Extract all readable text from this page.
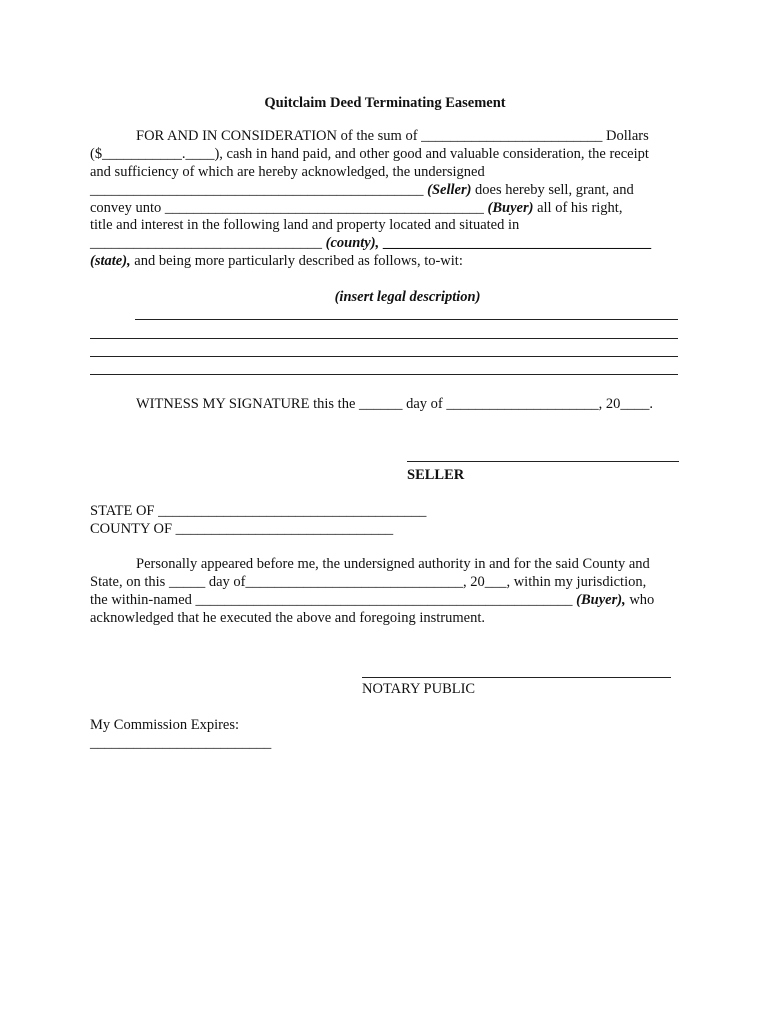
Quitclaim Deed Terminating Easement
FOR AND IN CONSIDERATION of the sum of _________________________ Dollars
($___________.____), cash in hand paid, and other good and valuable consideration, the receipt
and sufficiency of which are hereby acknowledged, the undersigned
______________________________________________ (Seller) does hereby sell, grant, and
convey unto ____________________________________________ (Buyer) all of his right,
title and interest in the following land and property located and situated in
________________________________ (county), _____________________________________
(state), and being more particularly described as follows, to-wit:
(insert legal description)
WITNESS MY SIGNATURE this the ______ day of _____________________, 20____.
SELLER
STATE OF _____________________________________
COUNTY OF ______________________________
Personally appeared before me, the undersigned authority in and for the said County and
State, on this _____ day of______________________________, 20___, within my jurisdiction,
the within-named ____________________________________________________ (Buyer), who
acknowledged that he executed the above and foregoing instrument.
NOTARY PUBLIC
My Commission Expires:
_________________________
